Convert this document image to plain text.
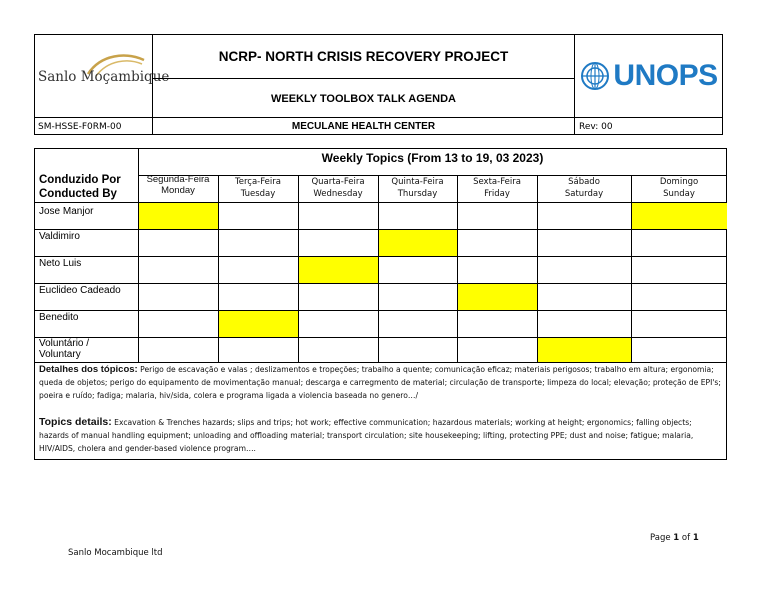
Sanlo Moçambique
NCRP- NORTH CRISIS RECOVERY PROJECT
WEEKLY TOOLBOX TALK AGENDA
UNOPS
SM-HSSE-F0RM-00	MECULANE HEALTH CENTER	Rev: 00
Weekly Topics (From 13 to 19, 03 2023)
Conduzido Por
Conducted By
Segunda-Feira
Monday
Terça-Feira
Tuesday
Quarta-Feira
Wednesday
Quinta-Feira
Thursday
Sexta-Feira
Friday
Sábado
Saturday
Domingo
Sunday
Jose Manjor
Valdimiro
Neto Luis
Euclideo Cadeado
Benedito
Voluntário /
Voluntary
Detalhes dos tópicos: Perigo de escavação e valas ; deslizamentos e tropeções; trabalho a quente; comunicação eficaz; materiais perigosos; trabalho em altura; ergonomia; queda de objetos; perigo do equipamento de movimentação manual; descarga e carregmento de material; circulação de transporte; limpeza do local; elevação; proteção de EPI's; poeira e ruído; fadiga; malaria, hiv/sida, colera e programa ligada a violencia baseada no genero…/
Topics details: Excavation & Trenches hazards; slips and trips; hot work; effective communication; hazardous materials; working at height; ergonomics; falling objects; hazards of manual handling equipment; unloading and offloading material; transport circulation; site housekeeping; lifting, protecting PPE; dust and noise; fatigue; malaria, HIV/AIDS, cholera and gender-based violence program….
Page 1 of 1
Sanlo Mocambique ltd
